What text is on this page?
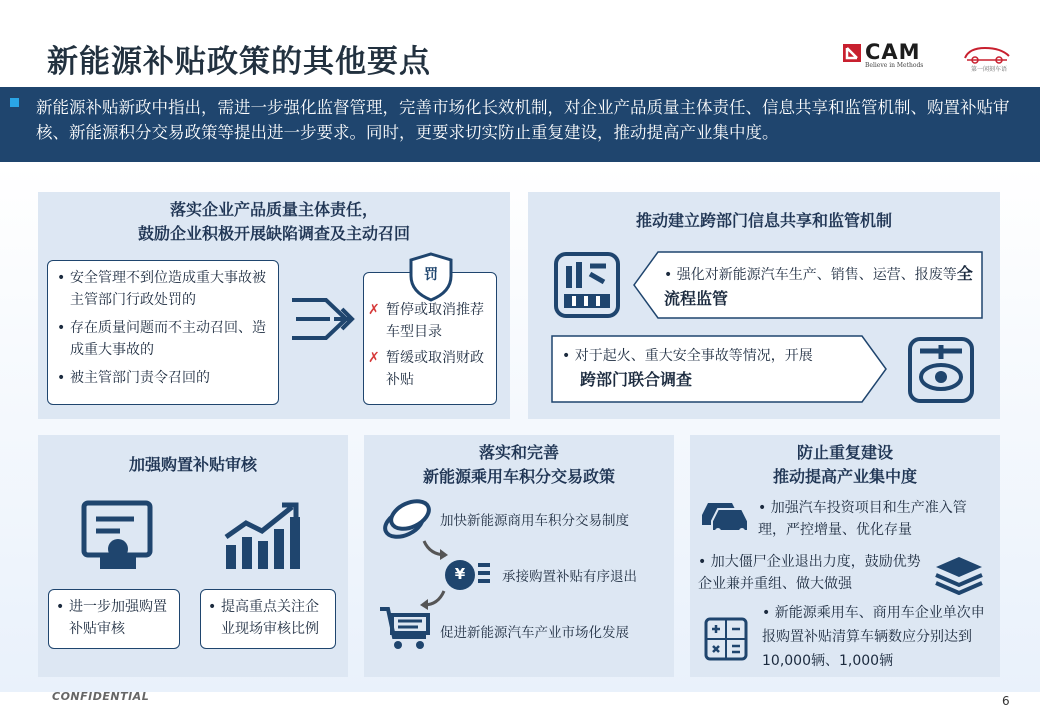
新能源补贴政策的其他要点	CAM
Believe in Methods
第一闲刻车语
新能源补贴新政中指出，需进一步强化监督管理，完善市场化长效机制，对企业产品质量主体责任、信息共享和监管机制、购置补贴审核、新能源积分交易政策等提出进一步要求。同时，更要求切实防止重复建设，推动提高产业集中度。
落实企业产品质量主体责任，
鼓励企业积极开展缺陷调查及主动召回
• 安全管理不到位造成重大事故被主管部门行政处罚的
• 存在质量问题而不主动召回、造成重大事故的
• 被主管部门责令召回的
✗ 暂停或取消推荐车型目录
✗ 暂缓或取消财政补贴
罚
推动建立跨部门信息共享和监管机制
• 强化对新能源汽车生产、销售、运营、报废等全流程监管
• 对于起火、重大安全事故等情况，开展
跨部门联合调查
加强购置补贴审核
• 进一步加强购置补贴审核
• 提高重点关注企业现场审核比例
落实和完善
新能源乘用车积分交易政策
加快新能源商用车积分交易制度
¥	承接购置补贴有序退出
促进新能源汽车产业市场化发展
防止重复建设
推动提高产业集中度
• 加强汽车投资项目和生产准入管理，严控增量、优化存量
• 加大僵尸企业退出力度，鼓励优势企业兼并重组、做大做强
• 新能源乘用车、商用车企业单次申报购置补贴清算车辆数应分别达到10,000辆、1,000辆
CONFIDENTIAL	6
